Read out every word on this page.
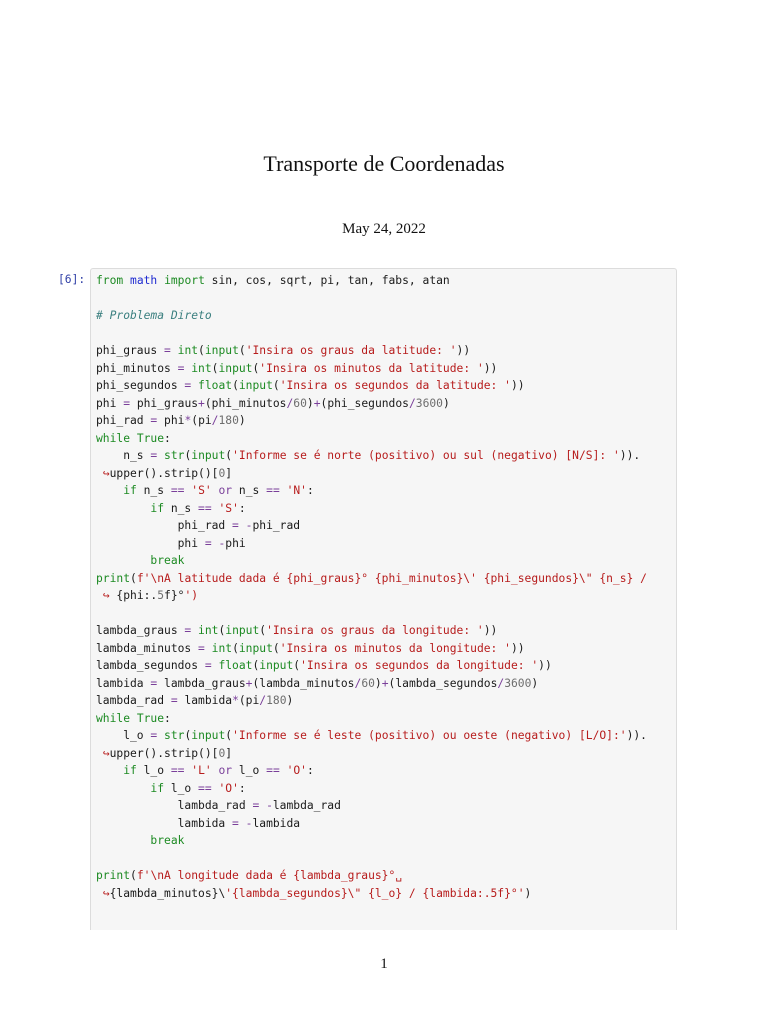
Transporte de Coordenadas
May 24, 2022
[6]: from math import sin, cos, sqrt, pi, tan, fabs, atan

# Problema Direto

phi_graus = int(input('Insira os graus da latitude: '))
phi_minutos = int(input('Insira os minutos da latitude: '))
phi_segundos = float(input('Insira os segundos da latitude: '))
phi = phi_graus+(phi_minutos/60)+(phi_segundos/3600)
phi_rad = phi*(pi/180)
while True:
n_s = str(input('Informe se é norte (positivo) ou sul (negativo) [N/S]: ')).
↪upper().strip()[0]
if n_s == 'S' or n_s == 'N':
if n_s == 'S':
phi_rad = -phi_rad
phi = -phi
break
print(f'\nA latitude dada é {phi_graus}° {phi_minutos}\' {phi_segundos}\" {n_s} /
↪ {phi:.5f}°')

lambda_graus = int(input('Insira os graus da longitude: '))
lambda_minutos = int(input('Insira os minutos da longitude: '))
lambda_segundos = float(input('Insira os segundos da longitude: '))
lambida = lambda_graus+(lambda_minutos/60)+(lambda_segundos/3600)
lambda_rad = lambida*(pi/180)
while True:
l_o = str(input('Informe se é leste (positivo) ou oeste (negativo) [L/O]:')).
↪upper().strip()[0]
if l_o == 'L' or l_o == 'O':
if l_o == 'O':
lambda_rad = -lambda_rad
lambida = -lambida
break

print(f'\nA longitude dada é {lambda_graus}°␣
↪{lambda_minutos}\'{lambda_segundos}\" {l_o} / {lambida:.5f}°')
1
